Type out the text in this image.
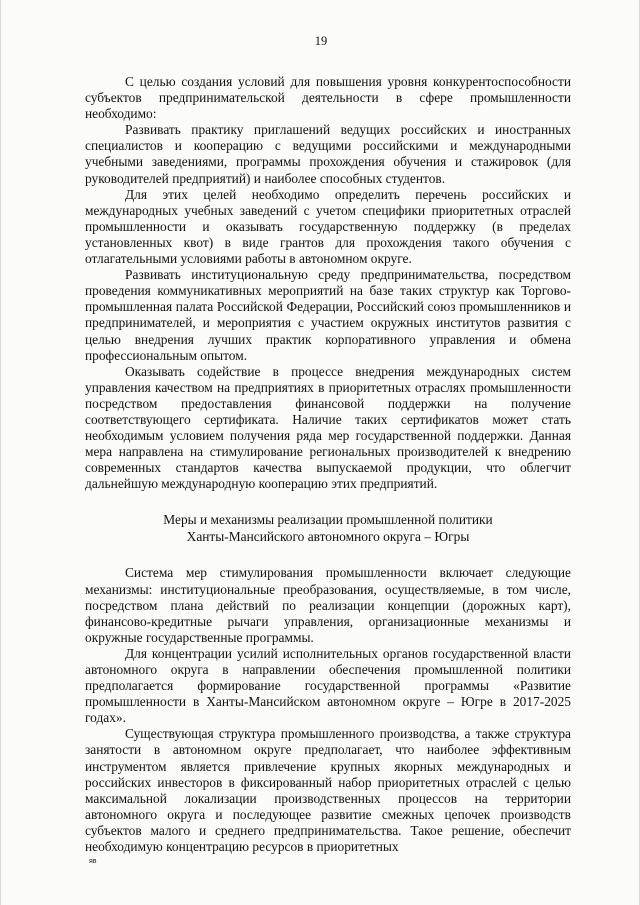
19

С целью создания условий для повышения уровня конкурентоспособности субъектов предпринимательской деятельности в сфере промышленности необходимо:

Развивать практику приглашений ведущих российских и иностранных специалистов и кооперацию с ведущими российскими и международными учебными заведениями, программы прохождения обучения и стажировок (для руководителей предприятий) и наиболее способных студентов.

Для этих целей необходимо определить перечень российских и международных учебных заведений с учетом специфики приоритетных отраслей промышленности и оказывать государственную поддержку (в пределах установленных квот) в виде грантов для прохождения такого обучения с отлагательными условиями работы в автономном округе.

Развивать институциональную среду предпринимательства, посредством проведения коммуникативных мероприятий на базе таких структур как Торгово-промышленная палата Российской Федерации, Российский союз промышленников и предпринимателей, и мероприятия с участием окружных институтов развития с целью внедрения лучших практик корпоративного управления и обмена профессиональным опытом.

Оказывать содействие в процессе внедрения международных систем управления качеством на предприятиях в приоритетных отраслях промышленности посредством предоставления финансовой поддержки на получение соответствующего сертификата. Наличие таких сертификатов может стать необходимым условием получения ряда мер государственной поддержки. Данная мера направлена на стимулирование региональных производителей к внедрению современных стандартов качества выпускаемой продукции, что облегчит дальнейшую международную кооперацию этих предприятий.

Меры и механизмы реализации промышленной политики
Ханты-Мансийского автономного округа – Югры

Система мер стимулирования промышленности включает следующие механизмы: институциональные преобразования, осуществляемые, в том числе, посредством плана действий по реализации концепции (дорожных карт), финансово-кредитные рычаги управления, организационные механизмы и окружные государственные программы.

Для концентрации усилий исполнительных органов государственной власти автономного округа в направлении обеспечения промышленной политики предполагается формирование государственной программы «Развитие промышленности в Ханты-Мансийском автономном округе – Югре в 2017-2025 годах».

Существующая структура промышленного производства, а также структура занятости в автономном округе предполагает, что наиболее эффективным инструментом является привлечение крупных якорных международных и российских инвесторов в фиксированный набор приоритетных отраслей с целью максимальной локализации производственных процессов на территории автономного округа и последующее развитие смежных цепочек производств субъектов малого и среднего предпринимательства. Такое решение, обеспечит необходимую концентрацию ресурсов в приоритетных

яв
